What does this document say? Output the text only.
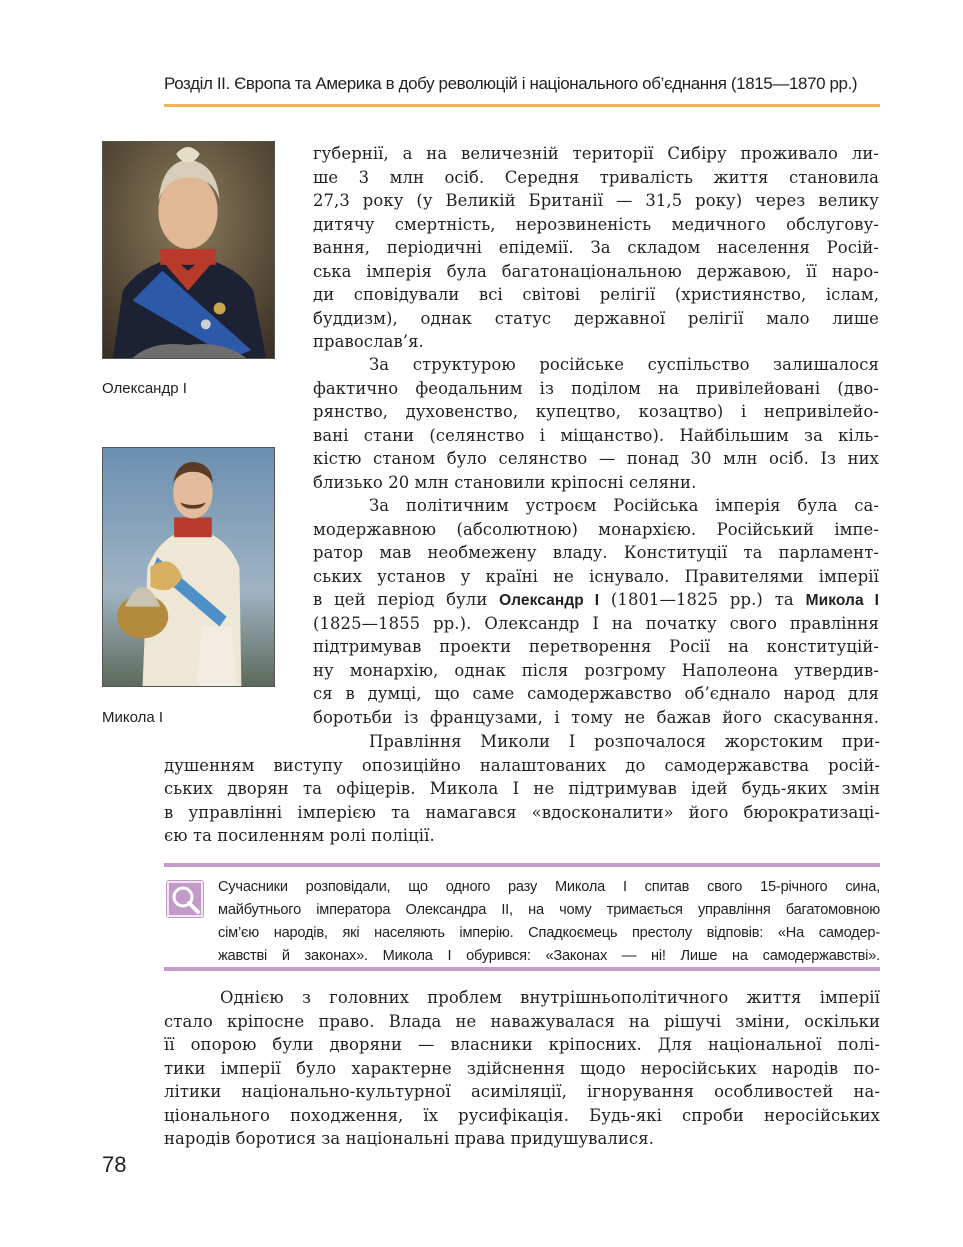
Розділ ІІ. Європа та Америка в добу революцій і національного об’єднання (1815—1870 рр.)
Олександр І
Микола І
губернії, а на величезній території Сибіру проживало ли-
ше 3 млн осіб. Середня тривалість життя становила
27,3 року (у Великій Британії — 31,5 року) через велику
дитячу смертність, нерозвиненість медичного обслугову-
вання, періодичні епідемії. За складом населення Росій-
ська імперія була багатонаціональною державою, її наро-
ди сповідували всі світові релігії (християнство, іслам,
буддизм), однак статус державної релігії мало лише
православ’я.
За структурою російське суспільство залишалося
фактично феодальним із поділом на привілейовані (дво-
рянство, духовенство, купецтво, козацтво) і непривілейо-
вані стани (селянство і міщанство). Найбільшим за кіль-
кістю станом було селянство — понад 30 млн осіб. Із них
близько 20 млн становили кріпосні селяни.
За політичним устроєм Російська імперія була са-
модержавною (абсолютною) монархією. Російський імпе-
ратор мав необмежену владу. Конституції та парламент-
ських установ у країні не існувало. Правителями імперії
в цей період були Олександр І (1801—1825 рр.) та Микола І
(1825—1855 рр.). Олександр І на початку свого правління
підтримував проекти перетворення Росії на конституцій-
ну монархію, однак після розгрому Наполеона утвердив-
ся в думці, що саме самодержавство об’єднало народ для
боротьби із французами, і тому не бажав його скасування.
Правління Миколи І розпочалося жорстоким при-
душенням виступу опозиційно налаштованих до самодержавства росій-
ських дворян та офіцерів. Микола І не підтримував ідей будь-яких змін
в управлінні імперією та намагався «вдосконалити» його бюрократизаці-
єю та посиленням ролі поліції.
Сучасники розповідали, що одного разу Микола І спитав свого 15-річного сина,
майбутнього імператора Олександра ІІ, на чому тримається управління багатомовною
сім’єю народів, які населяють імперію. Спадкоємець престолу відповів: «На самодер-
жавстві й законах». Микола І обурився: «Законах — ні! Лише на самодержавстві».
Однією з головних проблем внутрішньополітичного життя імперії
стало кріпосне право. Влада не наважувалася на рішучі зміни, оскільки
її опорою були дворяни — власники кріпосних. Для національної полі-
тики імперії було характерне здійснення щодо неросійських народів по-
літики національно-культурної асиміляції, ігнорування особливостей на-
ціонального походження, їх русифікація. Будь-які спроби неросійських
народів боротися за національні права придушувалися.
78
